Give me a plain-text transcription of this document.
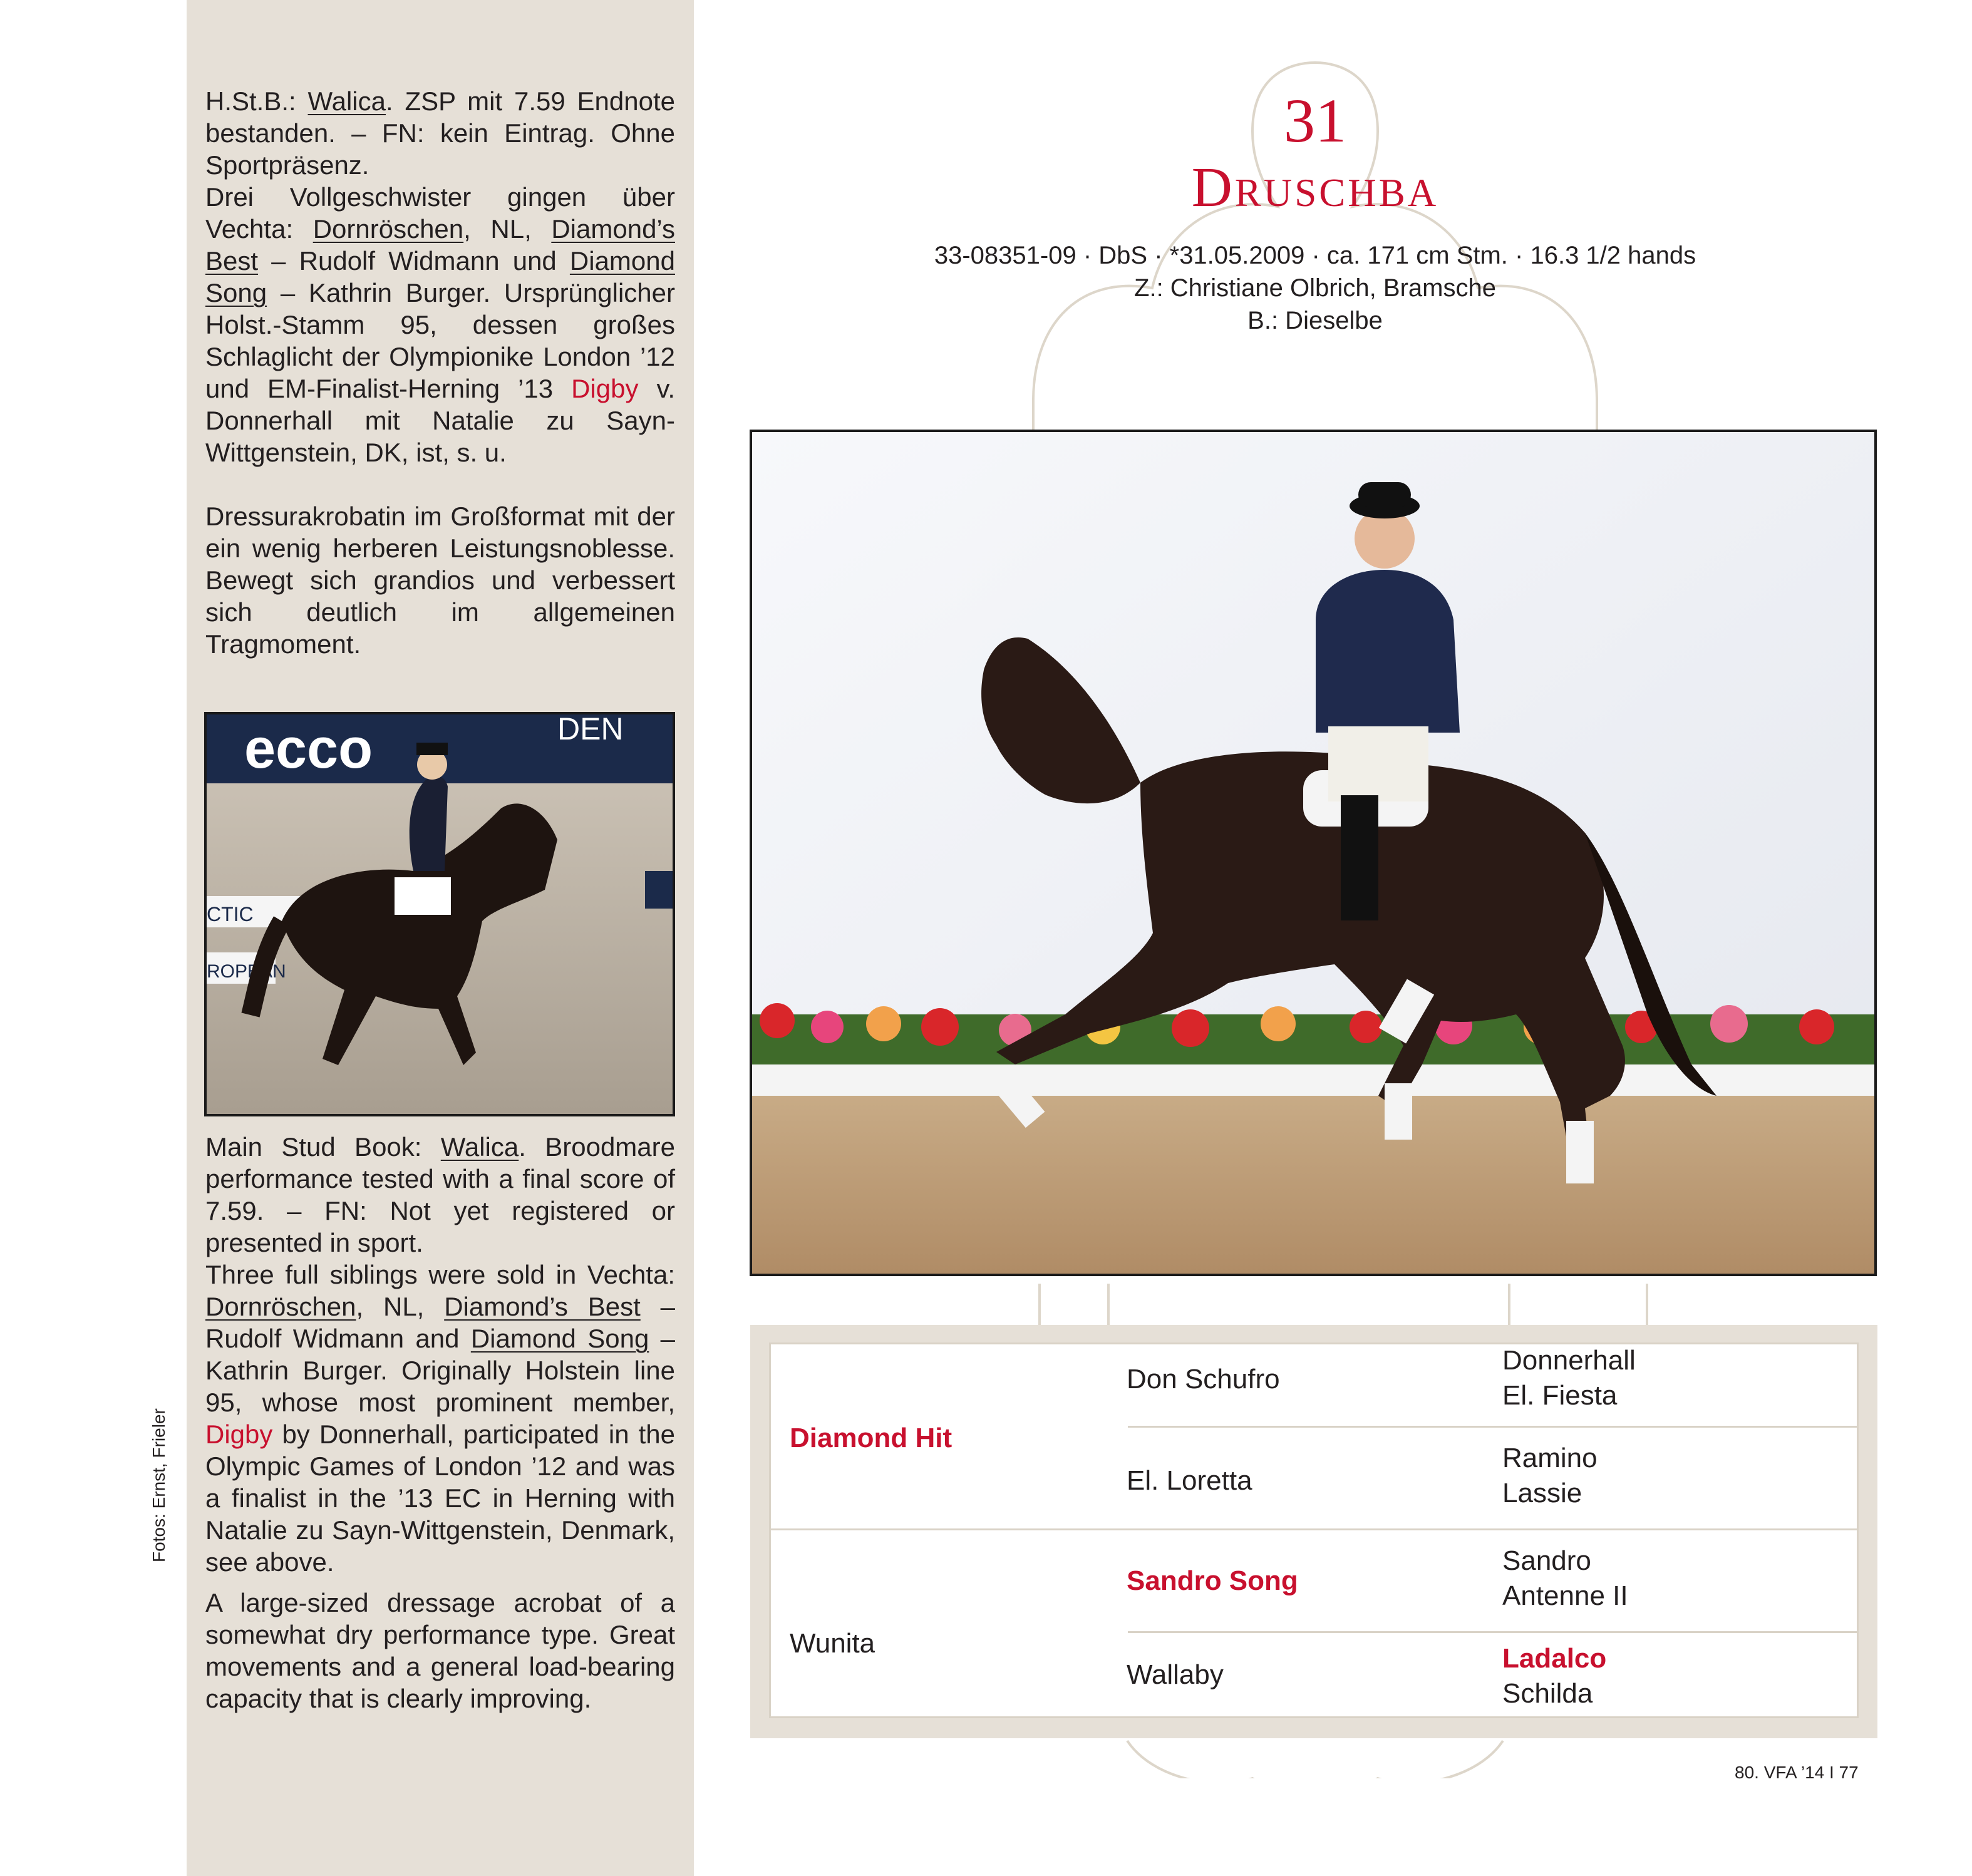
H.St.B.: Walica. ZSP mit 7.59 Endnote bestanden. – FN: kein Eintrag. Ohne Sportpräsenz.

Drei Vollgeschwister gingen über Vechta: Dornröschen, NL, Diamond’s Best – Rudolf Widmann und Diamond Song – Kathrin Burger. Ursprünglicher Holst.-Stamm 95, dessen großes Schlaglicht der Olympionike London ’12 und EM-Finalist-Herning ’13 Digby v. Donnerhall mit Natalie zu Sayn-Wittgenstein, DK, ist, s. u.

Dressurakrobatin im Großformat mit der ein wenig herberen Leistungsnoblesse. Bewegt sich grandios und verbessert sich deutlich im allgemeinen Tragmoment.

ecco	DEN
CTIC
ROPEAN

Main Stud Book: Walica. Broodmare performance tested with a final score of 7.59. – FN: Not yet registered or presented in sport.

Three full siblings were sold in Vechta: Dornröschen, NL, Diamond’s Best – Rudolf Widmann and Diamond Song – Kathrin Burger. Originally Holstein line 95, whose most prominent member, Digby by Donnerhall, participated in the Olympic Games of London ’12 and was a finalist in the ’13 EC in Herning with Natalie zu Sayn-Wittgenstein, Denmark, see above.

A large-sized dressage acrobat of a somewhat dry performance type. Great movements and a general load-bearing capacity that is clearly improving.

Fotos: Ernst, Frieler
31
Druschba
33-08351-09 · DbS · *31.05.2009 · ca. 171 cm Stm. · 16.3 1/2 hands
Z.: Christiane Olbrich, Bramsche
B.: Dieselbe
Diamond Hit
Don Schufro
Donnerhall
El. Fiesta
El. Loretta
Ramino
Lassie
Wunita
Sandro Song
Sandro
Antenne II
Wallaby
Ladalco
Schilda
80. VFA ’14 I 77
